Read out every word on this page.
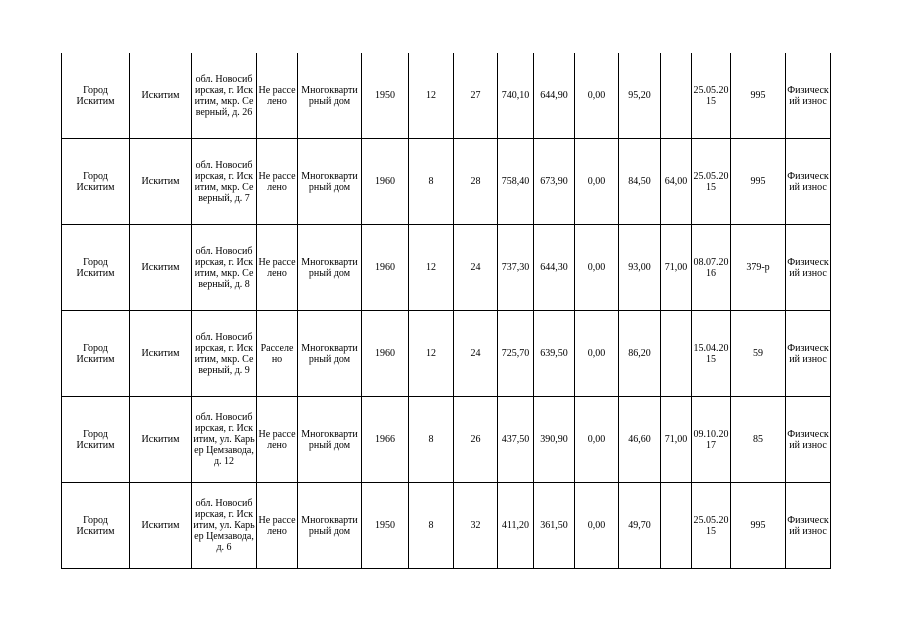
Город Искитим	Искитим	обл. Новосибирская, г. Искитим, мкр. Северный, д. 26	Не расселено	Многоквартирный дом	1950	12	27	740,10	644,90	0,00	95,20		25.05.2015	995	Физический износ
Город Искитим	Искитим	обл. Новосибирская, г. Искитим, мкр. Северный, д. 7	Не расселено	Многоквартирный дом	1960	8	28	758,40	673,90	0,00	84,50	64,00	25.05.2015	995	Физический износ
Город Искитим	Искитим	обл. Новосибирская, г. Искитим, мкр. Северный, д. 8	Не расселено	Многоквартирный дом	1960	12	24	737,30	644,30	0,00	93,00	71,00	08.07.2016	379-р	Физический износ
Город Искитим	Искитим	обл. Новосибирская, г. Искитим, мкр. Северный, д. 9	Расселено	Многоквартирный дом	1960	12	24	725,70	639,50	0,00	86,20		15.04.2015	59	Физический износ
Город Искитим	Искитим	обл. Новосибирская, г. Искитим, ул. Карьер Цемзавода, д. 12	Не расселено	Многоквартирный дом	1966	8	26	437,50	390,90	0,00	46,60	71,00	09.10.2017	85	Физический износ
Город Искитим	Искитим	обл. Новосибирская, г. Искитим, ул. Карьер Цемзавода, д. 6	Не расселено	Многоквартирный дом	1950	8	32	411,20	361,50	0,00	49,70		25.05.2015	995	Физический износ
